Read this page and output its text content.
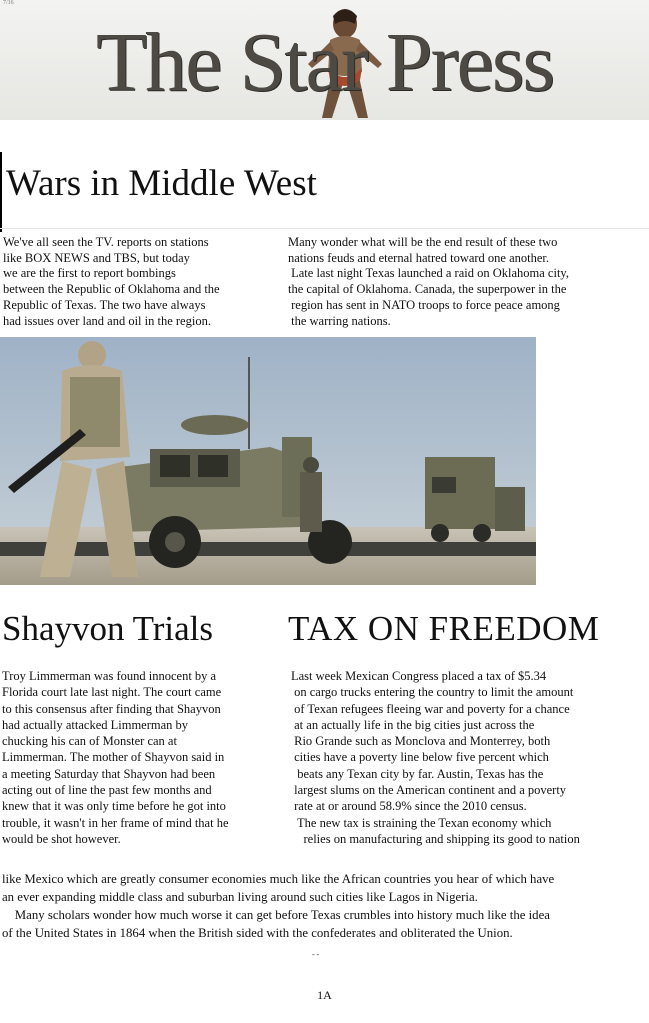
7/16
The Star Press
Wars in Middle West
We've all seen the TV. reports on stations
like BOX NEWS and TBS, but today
we are the first to report bombings
between the Republic of Oklahoma and the
Republic of Texas. The two have always
had issues over land and oil in the region.
Many wonder what will be the end result of these two
nations feuds and eternal hatred toward one another.
Late last night Texas launched a raid on Oklahoma city,
the capital of Oklahoma. Canada, the superpower in the
region has sent in NATO troops to force peace among
the warring nations.
Shayvon Trials TAX ON FREEDOM
Troy Limmerman was found innocent by a
Florida court late last night. The court came
to this consensus after finding that Shayvon
had actually attacked Limmerman by
chucking his can of Monster can at
Limmerman. The mother of Shayvon said in
a meeting Saturday that Shayvon had been
acting out of line the past few months and
knew that it was only time before he got into
trouble, it wasn't in her frame of mind that he
would be shot however.
Last week Mexican Congress placed a tax of $5.34
on cargo trucks entering the country to limit the amount
of Texan refugees fleeing war and poverty for a chance
at an actually life in the big cities just across the
Rio Grande such as Monclova and Monterrey, both
cities have a poverty line below five percent which
beats any Texan city by far. Austin, Texas has the
largest slums on the American continent and a poverty
rate at or around 58.9% since the 2010 census.
The new tax is straining the Texan economy which
relies on manufacturing and shipping its good to nation
like Mexico which are greatly consumer economies much like the African countries you hear of which have
an ever expanding middle class and suburban living around such cities like Lagos in Nigeria.
Many scholars wonder how much worse it can get before Texas crumbles into history much like the idea
of the United States in 1864 when the British sided with the confederates and obliterated the Union.
- -
1A
